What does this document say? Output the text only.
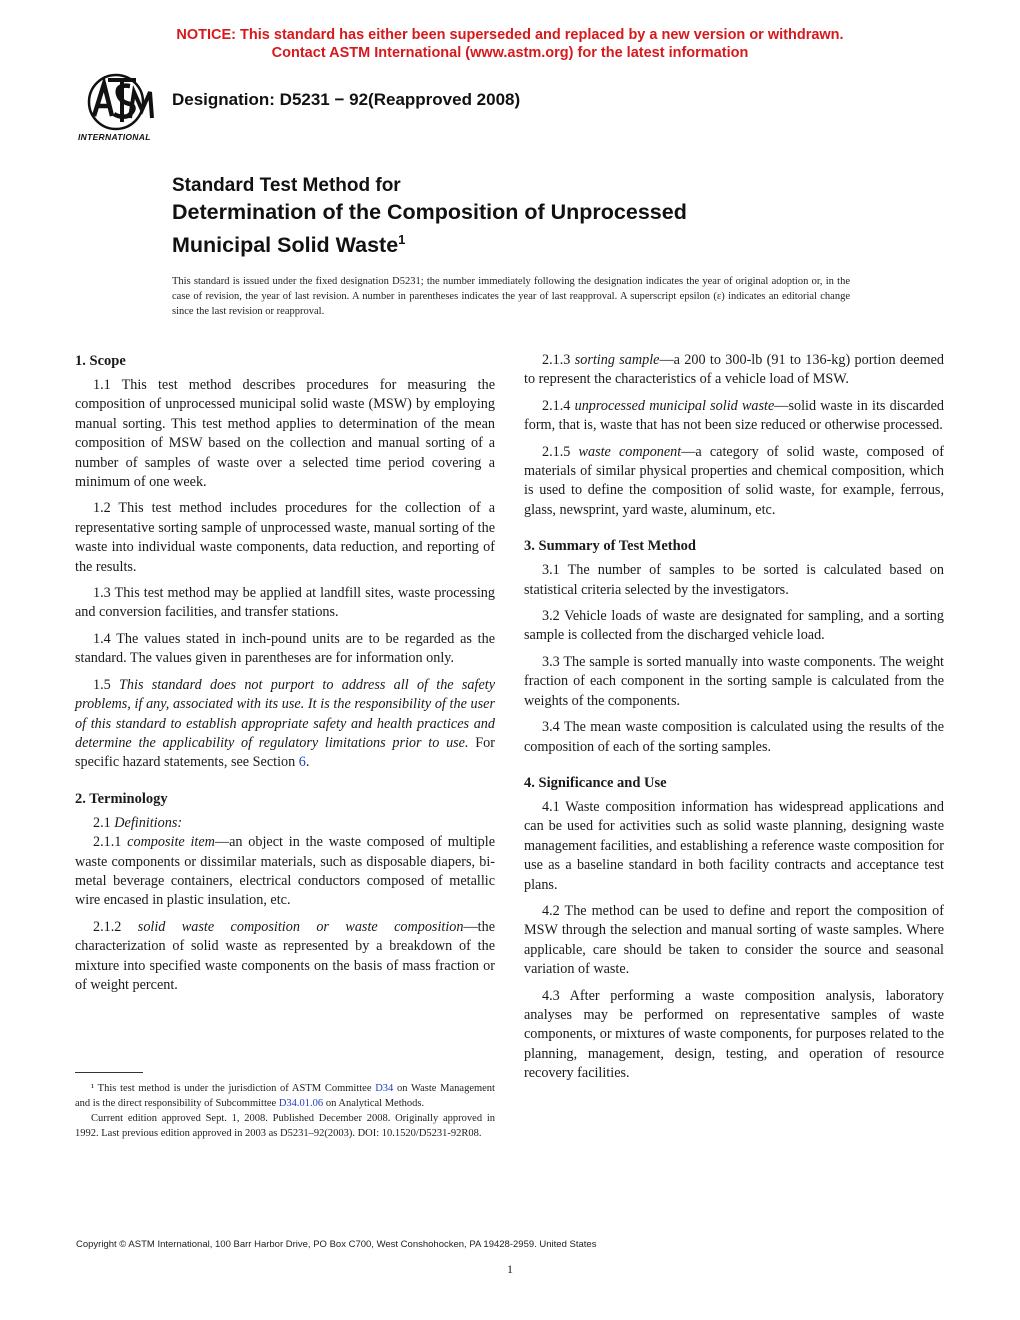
NOTICE: This standard has either been superseded and replaced by a new version or withdrawn.
Contact ASTM International (www.astm.org) for the latest information
INTERNATIONAL
Designation: D5231 − 92(Reapproved 2008)
Standard Test Method for
Determination of the Composition of Unprocessed
Municipal Solid Waste$^1$
This standard is issued under the fixed designation D5231; the number immediately following the designation indicates the year of original adoption or, in the case of revision, the year of last revision. A number in parentheses indicates the year of last reapproval. A superscript epsilon (ε) indicates an editorial change since the last revision or reapproval.
1. Scope

1.1 This test method describes procedures for measuring the composition of unprocessed municipal solid waste (MSW) by employing manual sorting. This test method applies to determination of the mean composition of MSW based on the collection and manual sorting of a number of samples of waste over a selected time period covering a minimum of one week.

1.2 This test method includes procedures for the collection of a representative sorting sample of unprocessed waste, manual sorting of the waste into individual waste components, data reduction, and reporting of the results.

1.3 This test method may be applied at landfill sites, waste processing and conversion facilities, and transfer stations.

1.4 The values stated in inch-pound units are to be regarded as the standard. The values given in parentheses are for information only.

1.5 This standard does not purport to address all of the safety problems, if any, associated with its use. It is the responsibility of the user of this standard to establish appropriate safety and health practices and determine the applicability of regulatory limitations prior to use. For specific hazard statements, see Section 6.

2. Terminology

2.1 Definitions:

2.1.1 composite item—an object in the waste composed of multiple waste components or dissimilar materials, such as disposable diapers, bi-metal beverage containers, electrical conductors composed of metallic wire encased in plastic insulation, etc.

2.1.2 solid waste composition or waste composition—the characterization of solid waste as represented by a breakdown of the mixture into specified waste components on the basis of mass fraction or of weight percent.

¹ This test method is under the jurisdiction of ASTM Committee D34 on Waste Management and is the direct responsibility of Subcommittee D34.01.06 on Analytical Methods.

Current edition approved Sept. 1, 2008. Published December 2008. Originally approved in 1992. Last previous edition approved in 2003 as D5231–92(2003). DOI: 10.1520/D5231-92R08.

2.1.3 sorting sample—a 200 to 300-lb (91 to 136-kg) portion deemed to represent the characteristics of a vehicle load of MSW.

2.1.4 unprocessed municipal solid waste—solid waste in its discarded form, that is, waste that has not been size reduced or otherwise processed.

2.1.5 waste component—a category of solid waste, composed of materials of similar physical properties and chemical composition, which is used to define the composition of solid waste, for example, ferrous, glass, newsprint, yard waste, aluminum, etc.

3. Summary of Test Method

3.1 The number of samples to be sorted is calculated based on statistical criteria selected by the investigators.

3.2 Vehicle loads of waste are designated for sampling, and a sorting sample is collected from the discharged vehicle load.

3.3 The sample is sorted manually into waste components. The weight fraction of each component in the sorting sample is calculated from the weights of the components.

3.4 The mean waste composition is calculated using the results of the composition of each of the sorting samples.

4. Significance and Use

4.1 Waste composition information has widespread applications and can be used for activities such as solid waste planning, designing waste management facilities, and establishing a reference waste composition for use as a baseline standard in both facility contracts and acceptance test plans.

4.2 The method can be used to define and report the composition of MSW through the selection and manual sorting of waste samples. Where applicable, care should be taken to consider the source and seasonal variation of waste.

4.3 After performing a waste composition analysis, laboratory analyses may be performed on representative samples of waste components, or mixtures of waste components, for purposes related to the planning, management, design, testing, and operation of resource recovery facilities.

Copyright © ASTM International, 100 Barr Harbor Drive, PO Box C700, West Conshohocken, PA 19428-2959. United States
1
